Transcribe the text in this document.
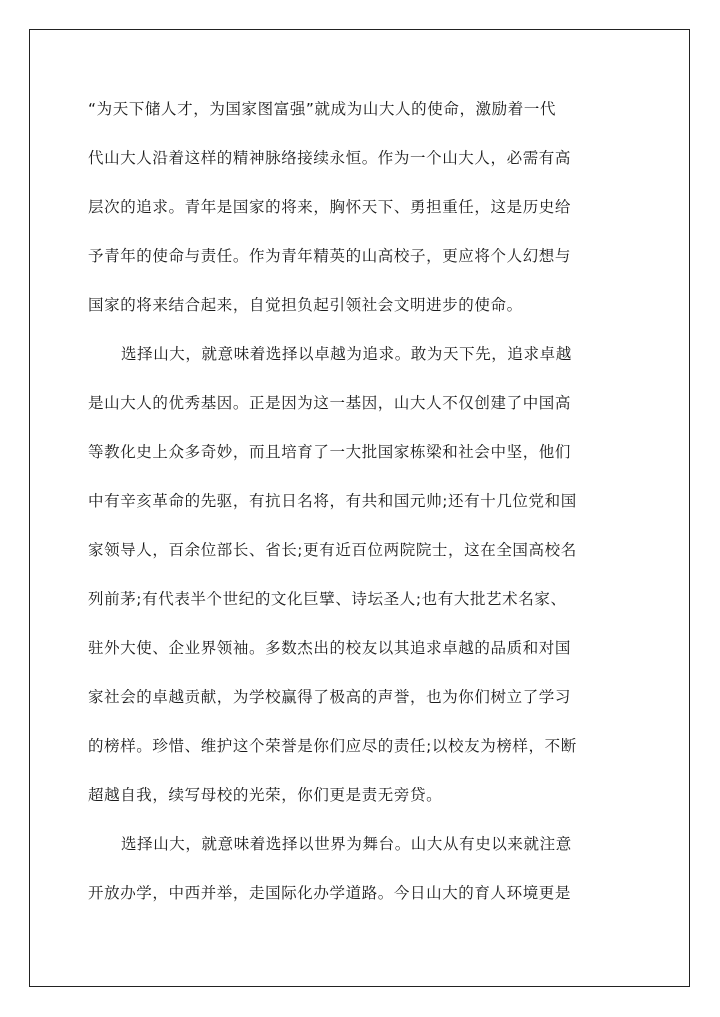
“为天下储人才，为国家图富强”就成为山大人的使命，激励着一代
代山大人沿着这样的精神脉络接续永恒。作为一个山大人，必需有高
层次的追求。青年是国家的将来，胸怀天下、勇担重任，这是历史给
予青年的使命与责任。作为青年精英的山高校子，更应将个人幻想与
国家的将来结合起来，自觉担负起引领社会文明进步的使命。
选择山大，就意味着选择以卓越为追求。敢为天下先，追求卓越
是山大人的优秀基因。正是因为这一基因，山大人不仅创建了中国高
等教化史上众多奇妙，而且培育了一大批国家栋梁和社会中坚，他们
中有辛亥革命的先驱，有抗日名将，有共和国元帅;还有十几位党和国
家领导人，百余位部长、省长;更有近百位两院院士，这在全国高校名
列前茅;有代表半个世纪的文化巨擘、诗坛圣人;也有大批艺术名家、
驻外大使、企业界领袖。多数杰出的校友以其追求卓越的品质和对国
家社会的卓越贡献，为学校赢得了极高的声誉，也为你们树立了学习
的榜样。珍惜、维护这个荣誉是你们应尽的责任;以校友为榜样，不断
超越自我，续写母校的光荣，你们更是责无旁贷。
选择山大，就意味着选择以世界为舞台。山大从有史以来就注意
开放办学，中西并举，走国际化办学道路。今日山大的育人环境更是
